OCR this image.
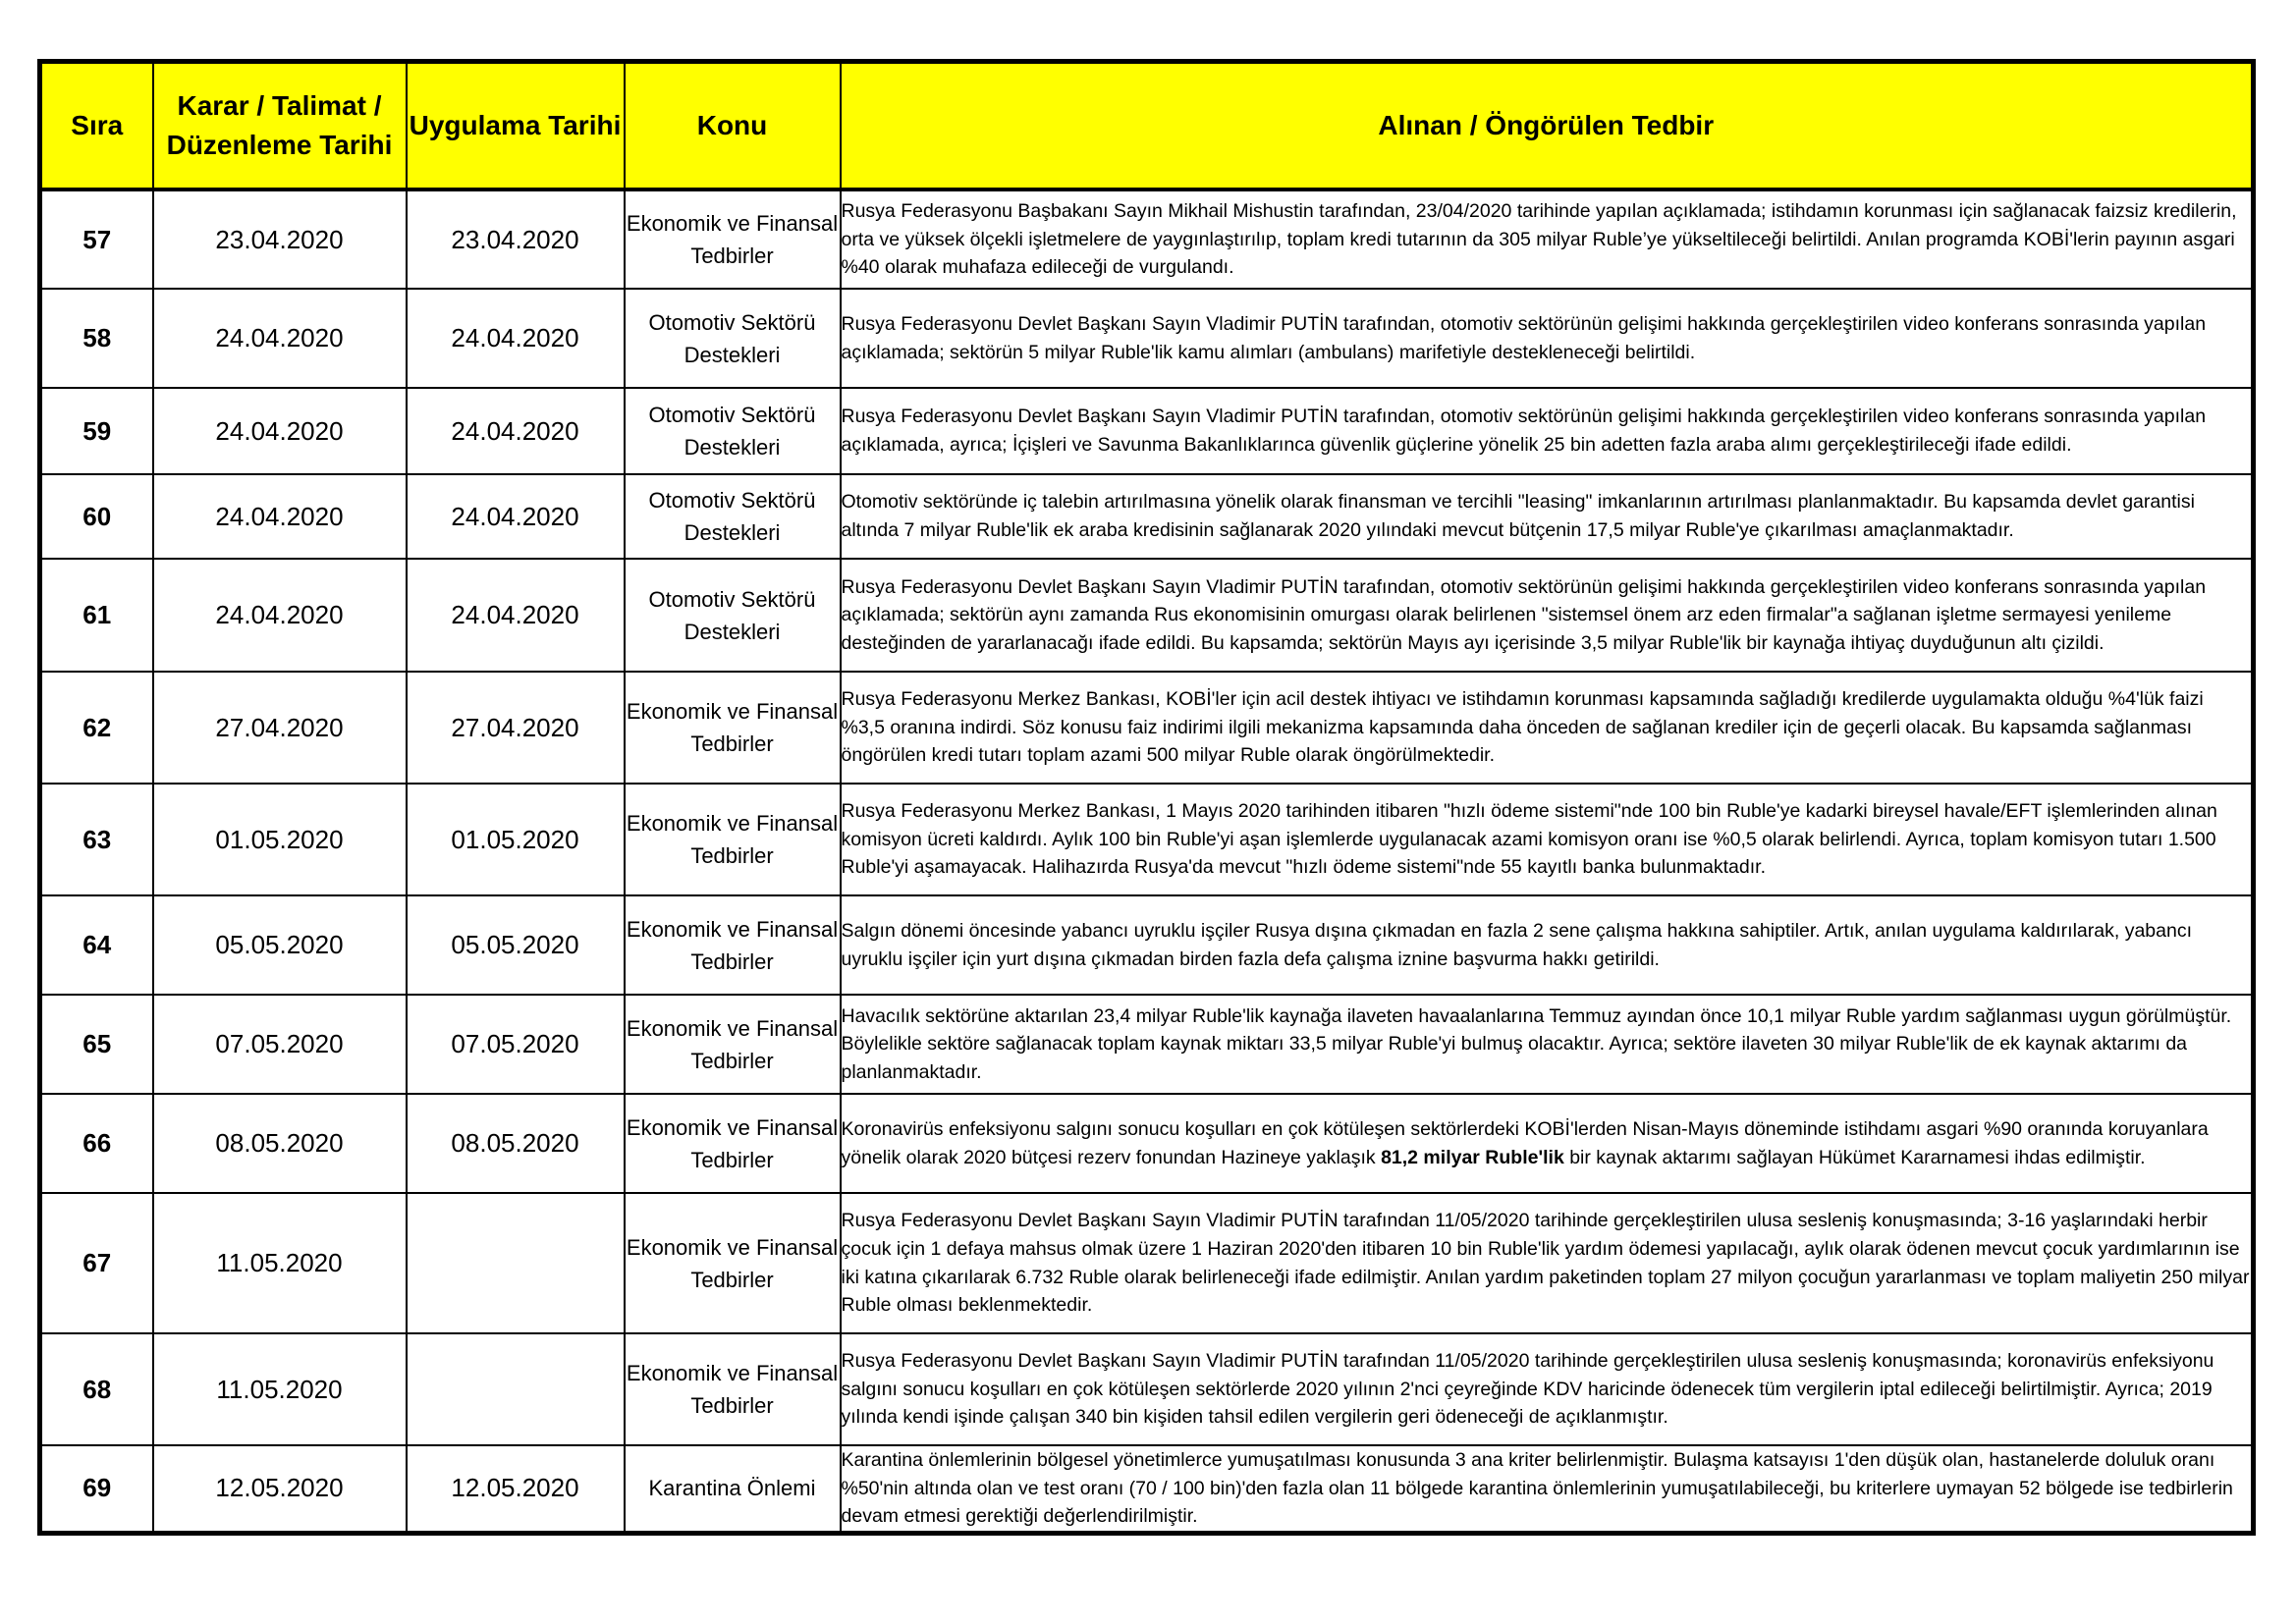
Sıra	Karar / Talimat / Düzenleme Tarihi	Uygulama Tarihi	Konu	Alınan / Öngörülen Tedbir
57	23.04.2020	23.04.2020	Ekonomik ve Finansal Tedbirler	Rusya Federasyonu Başbakanı Sayın Mikhail Mishustin tarafından, 23/04/2020 tarihinde yapılan açıklamada; istihdamın korunması için sağlanacak faizsiz kredilerin, orta ve yüksek ölçekli işletmelere de yaygınlaştırılıp, toplam kredi tutarının da 305 milyar Ruble’ye yükseltileceği belirtildi. Anılan programda KOBİ'lerin payının asgari %40 olarak muhafaza edileceği de vurgulandı.
58	24.04.2020	24.04.2020	Otomotiv Sektörü Destekleri	Rusya Federasyonu Devlet Başkanı Sayın Vladimir PUTİN tarafından, otomotiv sektörünün gelişimi hakkında gerçekleştirilen video konferans sonrasında yapılan açıklamada; sektörün 5 milyar Ruble'lik kamu alımları (ambulans) marifetiyle destekleneceği belirtildi.
59	24.04.2020	24.04.2020	Otomotiv Sektörü Destekleri	Rusya Federasyonu Devlet Başkanı Sayın Vladimir PUTİN tarafından, otomotiv sektörünün gelişimi hakkında gerçekleştirilen video konferans sonrasında yapılan açıklamada, ayrıca; İçişleri ve Savunma Bakanlıklarınca güvenlik güçlerine yönelik 25 bin adetten fazla araba alımı gerçekleştirileceği ifade edildi.
60	24.04.2020	24.04.2020	Otomotiv Sektörü Destekleri	Otomotiv sektöründe iç talebin artırılmasına yönelik olarak finansman ve tercihli "leasing" imkanlarının artırılması planlanmaktadır. Bu kapsamda devlet garantisi altında 7 milyar Ruble'lik ek araba kredisinin sağlanarak 2020 yılındaki mevcut bütçenin 17,5 milyar Ruble'ye çıkarılması amaçlanmaktadır.
61	24.04.2020	24.04.2020	Otomotiv Sektörü Destekleri	Rusya Federasyonu Devlet Başkanı Sayın Vladimir PUTİN tarafından, otomotiv sektörünün gelişimi hakkında gerçekleştirilen video konferans sonrasında yapılan açıklamada; sektörün aynı zamanda Rus ekonomisinin omurgası olarak belirlenen "sistemsel önem arz eden firmalar"a sağlanan işletme sermayesi yenileme desteğinden de yararlanacağı ifade edildi. Bu kapsamda; sektörün Mayıs ayı içerisinde 3,5 milyar Ruble'lik bir kaynağa ihtiyaç duyduğunun altı çizildi.
62	27.04.2020	27.04.2020	Ekonomik ve Finansal Tedbirler	Rusya Federasyonu Merkez Bankası, KOBİ'ler için acil destek ihtiyacı ve istihdamın korunması kapsamında sağladığı kredilerde uygulamakta olduğu %4'lük faizi %3,5 oranına indirdi. Söz konusu faiz indirimi ilgili mekanizma kapsamında daha önceden de sağlanan krediler için de geçerli olacak. Bu kapsamda sağlanması öngörülen kredi tutarı toplam azami 500 milyar Ruble olarak öngörülmektedir.
63	01.05.2020	01.05.2020	Ekonomik ve Finansal Tedbirler	Rusya Federasyonu Merkez Bankası, 1 Mayıs 2020 tarihinden itibaren "hızlı ödeme sistemi"nde 100 bin Ruble'ye kadarki bireysel havale/EFT işlemlerinden alınan komisyon ücreti kaldırdı. Aylık 100 bin Ruble'yi aşan işlemlerde uygulanacak azami komisyon oranı ise %0,5 olarak belirlendi. Ayrıca, toplam komisyon tutarı 1.500 Ruble'yi aşamayacak. Halihazırda Rusya'da mevcut "hızlı ödeme sistemi"nde 55 kayıtlı banka bulunmaktadır.
64	05.05.2020	05.05.2020	Ekonomik ve Finansal Tedbirler	Salgın dönemi öncesinde yabancı uyruklu işçiler Rusya dışına çıkmadan en fazla 2 sene çalışma hakkına sahiptiler. Artık, anılan uygulama kaldırılarak, yabancı uyruklu işçiler için yurt dışına çıkmadan birden fazla defa çalışma iznine başvurma hakkı getirildi.
65	07.05.2020	07.05.2020	Ekonomik ve Finansal Tedbirler	Havacılık sektörüne aktarılan 23,4 milyar Ruble'lik kaynağa ilaveten havaalanlarına Temmuz ayından önce 10,1 milyar Ruble yardım sağlanması uygun görülmüştür. Böylelikle sektöre sağlanacak toplam kaynak miktarı 33,5 milyar Ruble'yi bulmuş olacaktır. Ayrıca; sektöre ilaveten 30 milyar Ruble'lik de ek kaynak aktarımı da planlanmaktadır.
66	08.05.2020	08.05.2020	Ekonomik ve Finansal Tedbirler	Koronavirüs enfeksiyonu salgını sonucu koşulları en çok kötüleşen sektörlerdeki KOBİ'lerden Nisan-Mayıs döneminde istihdamı asgari %90 oranında koruyanlara yönelik olarak 2020 bütçesi rezerv fonundan Hazineye yaklaşık 81,2 milyar Ruble'lik bir kaynak aktarımı sağlayan Hükümet Kararnamesi ihdas edilmiştir.
67	11.05.2020		Ekonomik ve Finansal Tedbirler	Rusya Federasyonu Devlet Başkanı Sayın Vladimir PUTİN tarafından 11/05/2020 tarihinde gerçekleştirilen ulusa sesleniş konuşmasında; 3-16 yaşlarındaki herbir çocuk için 1 defaya mahsus olmak üzere 1 Haziran 2020'den itibaren 10 bin Ruble'lik yardım ödemesi yapılacağı, aylık olarak ödenen mevcut çocuk yardımlarının ise iki katına çıkarılarak 6.732 Ruble olarak belirleneceği ifade edilmiştir. Anılan yardım paketinden toplam 27 milyon çocuğun yararlanması ve toplam maliyetin 250 milyar Ruble olması beklenmektedir.
68	11.05.2020		Ekonomik ve Finansal Tedbirler	Rusya Federasyonu Devlet Başkanı Sayın Vladimir PUTİN tarafından 11/05/2020 tarihinde gerçekleştirilen ulusa sesleniş konuşmasında; koronavirüs enfeksiyonu salgını sonucu koşulları en çok kötüleşen sektörlerde 2020 yılının 2'nci çeyreğinde KDV haricinde ödenecek tüm vergilerin iptal edileceği belirtilmiştir. Ayrıca; 2019 yılında kendi işinde çalışan 340 bin kişiden tahsil edilen vergilerin geri ödeneceği de açıklanmıştır.
69	12.05.2020	12.05.2020	Karantina Önlemi	Karantina önlemlerinin bölgesel yönetimlerce yumuşatılması konusunda 3 ana kriter belirlenmiştir. Bulaşma katsayısı 1'den düşük olan, hastanelerde doluluk oranı %50'nin altında olan ve test oranı (70 / 100 bin)'den fazla olan 11 bölgede karantina önlemlerinin yumuşatılabileceği, bu kriterlere uymayan 52 bölgede ise tedbirlerin devam etmesi gerektiği değerlendirilmiştir.
